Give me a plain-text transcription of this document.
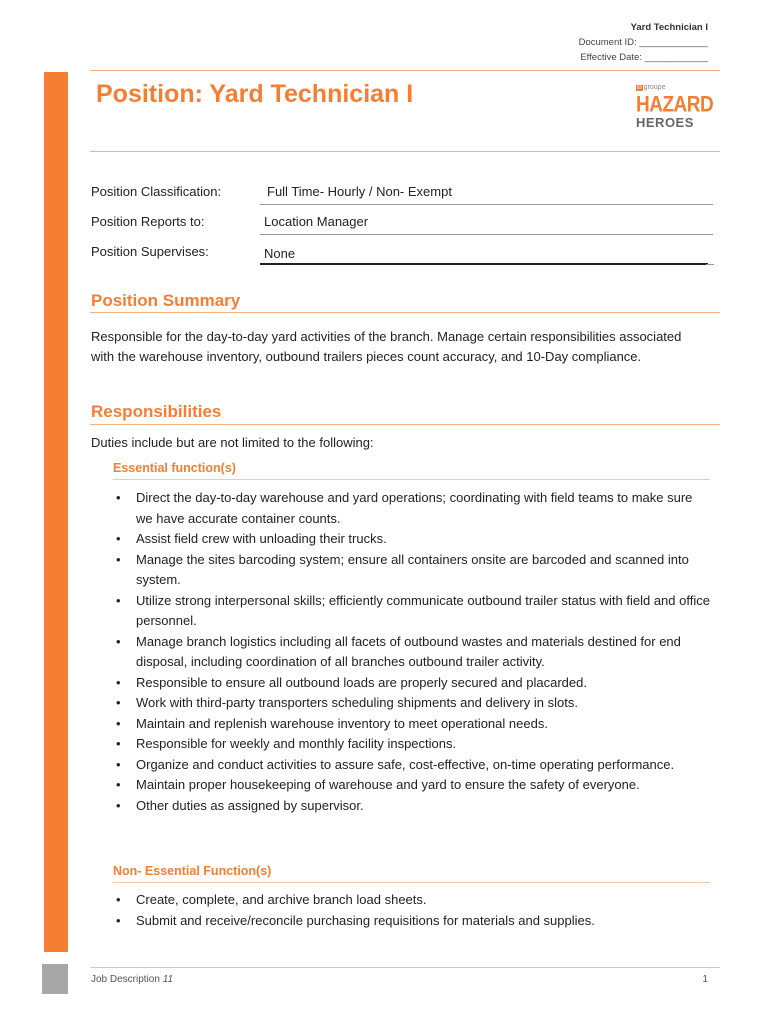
Yard Technician I
Document ID: _____________
Effective Date: ____________
Position: Yard Technician I	in groupe
HAZARD
HEROES
Position Classification:	Full Time- Hourly / Non- Exempt
Position Reports to:	Location Manager
Position Supervises:	None
Position Summary

Responsible for the day-to-day yard activities of the branch. Manage certain responsibilities associated with the warehouse inventory, outbound trailers pieces count accuracy, and 10-Day compliance.

Responsibilities

Duties include but are not limited to the following:

Essential function(s)
• Direct the day-to-day warehouse and yard operations; coordinating with field teams to make sure we have accurate container counts.
• Assist field crew with unloading their trucks.
• Manage the sites barcoding system; ensure all containers onsite are barcoded and scanned into system.
• Utilize strong interpersonal skills; efficiently communicate outbound trailer status with field and office personnel.
• Manage branch logistics including all facets of outbound wastes and materials destined for end disposal, including coordination of all branches outbound trailer activity.
• Responsible to ensure all outbound loads are properly secured and placarded.
• Work with third-party transporters scheduling shipments and delivery in slots.
• Maintain and replenish warehouse inventory to meet operational needs.
• Responsible for weekly and monthly facility inspections.
• Organize and conduct activities to assure safe, cost-effective, on-time operating performance.
• Maintain proper housekeeping of warehouse and yard to ensure the safety of everyone.
• Other duties as assigned by supervisor.
Non- Essential Function(s)
• Create, complete, and archive branch load sheets.
• Submit and receive/reconcile purchasing requisitions for materials and supplies.
Job Description 11	1
